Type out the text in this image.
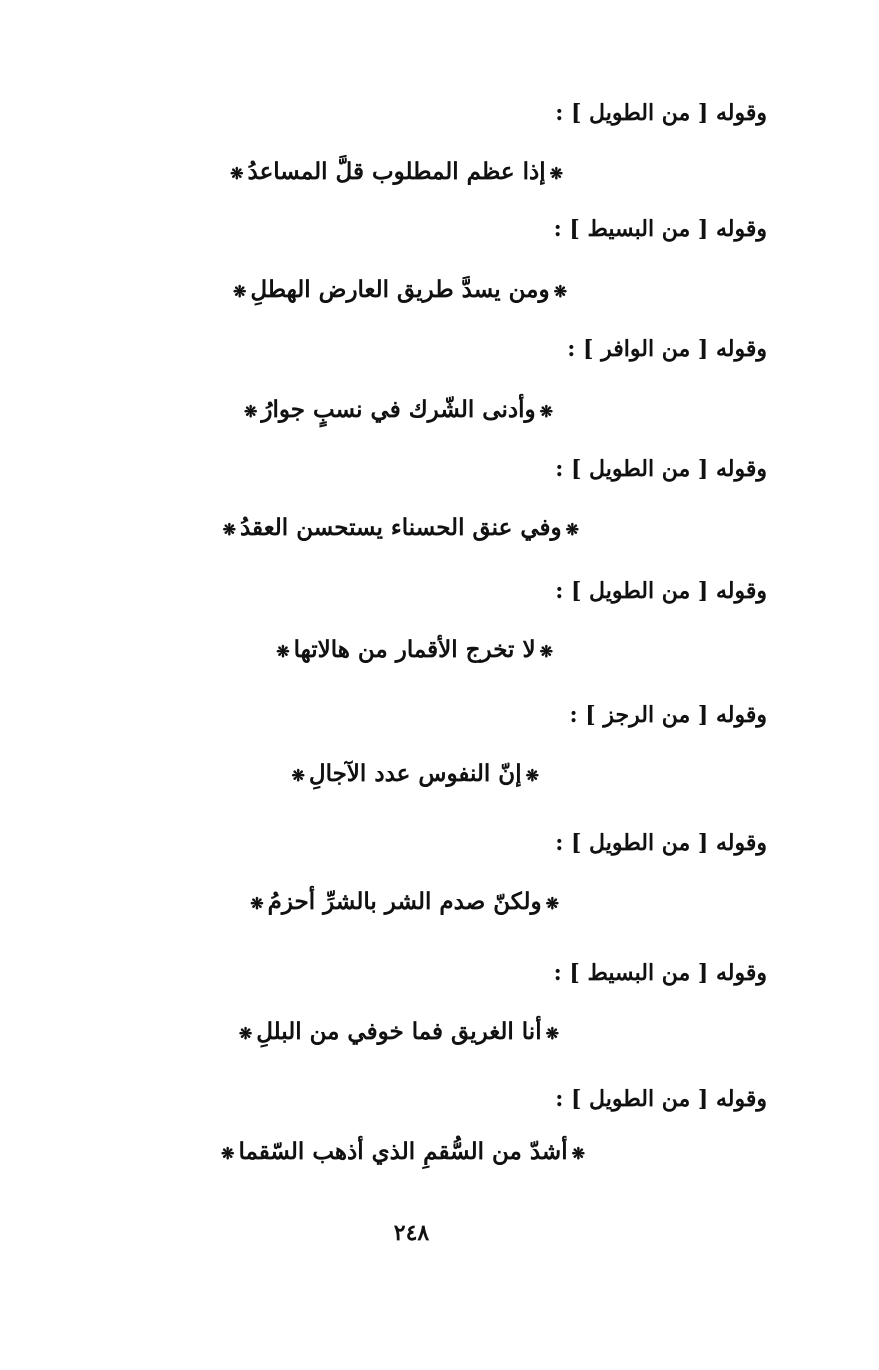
وقوله [ من الطويل ] :
❋إذا عظم المطلوب قلَّ المساعدُ❋
وقوله [ من البسيط ] :
❋ومن يسدَّ طريق العارض الهطلِ❋
وقوله [ من الوافر ] :
❋وأدنى الشّرك في نسبٍ جوارُ❋
وقوله [ من الطويل ] :
❋وفي عنق الحسناء يستحسن العقدُ❋
وقوله [ من الطويل ] :
❋لا تخرج الأقمار من هالاتها❋
وقوله [ من الرجز ] :
❋إنّ النفوس عدد الآجالِ❋
وقوله [ من الطويل ] :
❋ولكنّ صدم الشر بالشرِّ أحزمُ❋
وقوله [ من البسيط ] :
❋أنا الغريق فما خوفي من البللِ❋
وقوله [ من الطويل ] :
❋أشدّ من السُّقمِ الذي أذهب السّقما❋
٢٤٨
